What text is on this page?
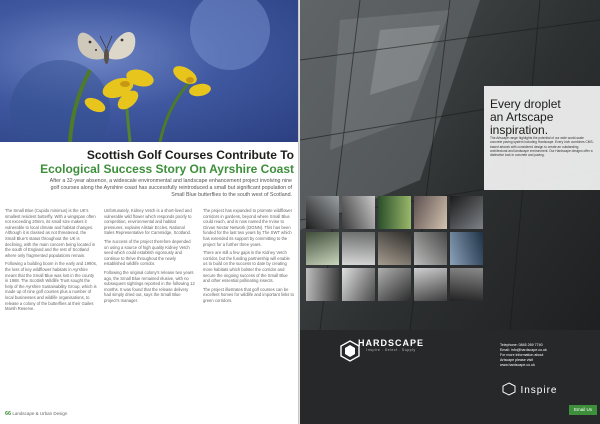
Scottish Golf Courses Contribute To
Ecological Success Story On Ayrshire Coast
After a 32-year absence, a widescale environmental and landscape enhancement project involving nine golf courses along the Ayrshire coast has successfully reintroduced a small but significant population of Small Blue butterflies to the south west of Scotland.

The Small Blue (Cupido minimus) is the UK's smallest resident butterfly. With a wingspan often not exceeding 20mm, its small size makes it vulnerable to local climate and habitat changes. Although it is classed as not threatened, the Small Blue's status throughout the UK is declining, with the main concern being located in the south of England and the rest of Scotland where only fragmented populations remain.

Following a building boom in the early and 1990s, the loss of key wildflower habitats in Ayrshire meant that the Small Blue was lost in the county in 1988. The Scottish Wildlife Trust sought the help of the Ayrshire Sustainability Group, which is made up of nine golf courses plus a number of local businesses and wildlife organisations, to release a colony of the butterflies at their Gailes Marsh Reserve.

Unfortunately, Kidney Vetch is a short-lived and vulnerable wild flower which responds poorly to competition, environmental and habitat pressures, explains Alistair Eccles, National Sales Representative for Cammidge, Scotland.

The success of the project therefore depended on using a source of high quality Kidney Vetch seed which could establish vigorously and continue to thrive throughout the newly established wildlife corridor.

Following the original colony's release two years ago, the Small Blue remained elusive, with no subsequent sightings reported in the following 12 months. It was found that the release delivery had simply dried out, says the Small Blue project's manager.

The project has expanded to promote wildflower corridors in gardens, beyond where Small Blue could reach, and is now named the Irvine to Girvan Nectar Network (I2GNN). This has been funded for the last two years by The SWT which has extended its support by committing to the project for a further three years.

There are still a few gaps in the Kidney Vetch corridor, but the funding partnership will enable us to build on the success to date by creating more habitats which bolster the corridor and secure the ongoing success of the Small Blue and other essential pollinating insects.

The project illustrates that golf courses can be excellent homes for wildlife and important links to green corridors.

66 Landscape & Urban Design
Every droplet
an Artscape
inspiration.
The Artscape range highlights the potential of our wide world-scale concrete paving system including Hardscape. Every Inch combines CMS-based artwork with considered design to create an outstanding architectural and landscape environment. Our Hardscape designs offer a distinctive look in concrete and paving.
HARDSCAPE
Inspire . Select . Supply
Telephone: 0845 269 7740
Email: info@hardscape.co.uk
For more information about
Artscape please visit
www.hardscape.co.uk
Inspire
Email Us
